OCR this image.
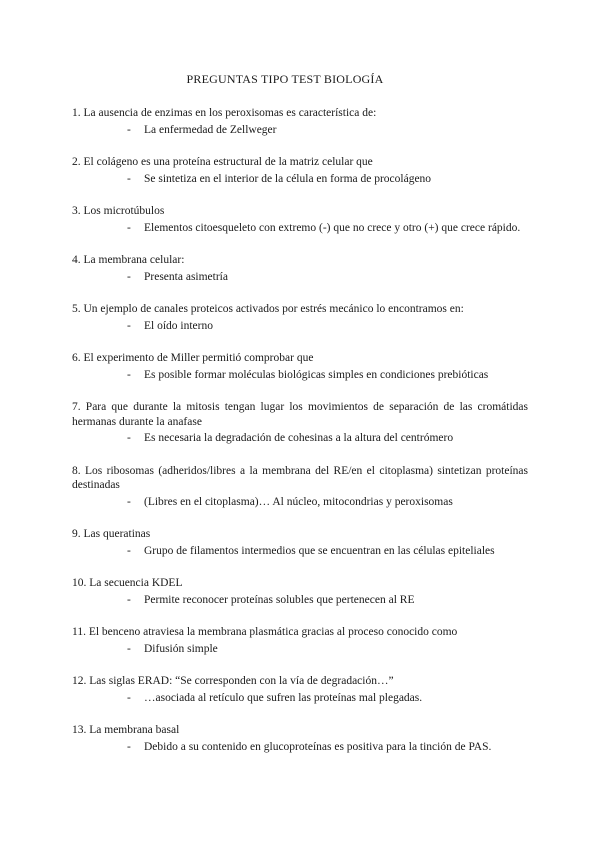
PREGUNTAS TIPO TEST BIOLOGÍA
1. La ausencia de enzimas en los peroxisomas es característica de:
- La enfermedad de Zellweger
2. El colágeno es una proteína estructural de la matriz celular que
- Se sintetiza en el interior de la célula en forma de procolágeno
3. Los microtúbulos
- Elementos citoesqueleto con extremo (-) que no crece y otro (+) que crece rápido.
4. La membrana celular:
- Presenta asimetría
5. Un ejemplo de canales proteicos activados por estrés mecánico lo encontramos en:
- El oído interno
6. El experimento de Miller permitió comprobar que
- Es posible formar moléculas biológicas simples en condiciones prebióticas
7. Para que durante la mitosis tengan lugar los movimientos de separación de las cromátidas hermanas durante la anafase
- Es necesaria la degradación de cohesinas a la altura del centrómero
8. Los ribosomas (adheridos/libres a la membrana del RE/en el citoplasma) sintetizan proteínas destinadas
- (Libres en el citoplasma)… Al núcleo, mitocondrias y peroxisomas
9. Las queratinas
- Grupo de filamentos intermedios que se encuentran en las células epiteliales
10. La secuencia KDEL
- Permite reconocer proteínas solubles que pertenecen al RE
11. El benceno atraviesa la membrana plasmática gracias al proceso conocido como
- Difusión simple
12. Las siglas ERAD: “Se corresponden con la vía de degradación…”
- …asociada al retículo que sufren las proteínas mal plegadas.
13. La membrana basal
- Debido a su contenido en glucoproteínas es positiva para la tinción de PAS.
